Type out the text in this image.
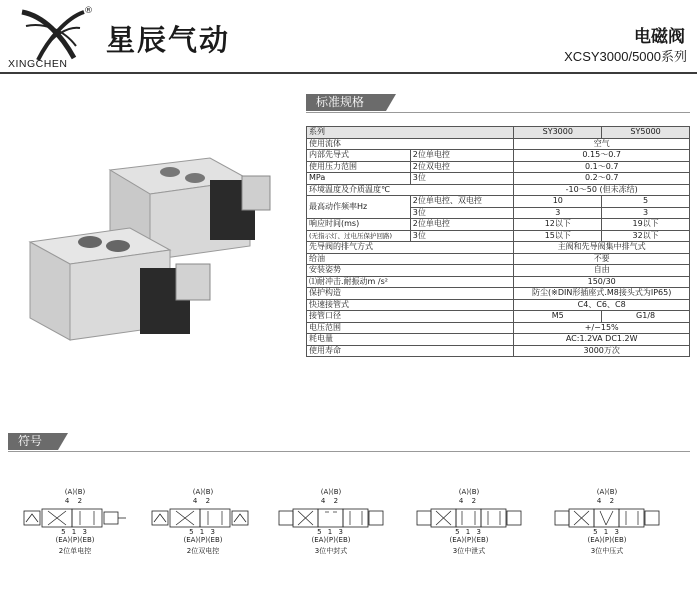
®
星辰气动
XINGCHEN
电磁阀
XCSY3000/5000系列
标准规格
系列		SY3000	SY5000
使用流体		空气	
内部先导式	2位单电控	0.15～0.7	
使用压力范围	2位双电控	0.1～0.7	
MPa	3位	0.2～0.7	
环境温度及介质温度℃		-10～50 (但未冻结)	
最高动作频率Hz	2位单电控、双电控	10	5
	3位	3	3
响应时间(ms)	2位单电控	12以下	19以下
(无指示灯、过电压保护回路)	3位	15以下	32以下
先导阀的排气方式		主阀和先导阀集中排气式	
给油		不要	
安装姿势		自由	
⑴耐冲击.耐振动m /s²		150/30	
保护构造		防尘(※DIN形插座式.M8接头式为IP65)	
快速接管式		C4、C6、C8	
接管口径		M5	G1/8
电压范围		+/−15%	
耗电量		AC:1.2VA DC1.2W	
使用寿命		3000万次	
符号
(A)(B)
4 2
5 1 3
(EA)(P)(EB)
2位单电控
(A)(B)
4 2
5 1 3
(EA)(P)(EB)
2位双电控
(A)(B)
4 2
5 1 3
(EA)(P)(EB)
3位中封式
(A)(B)
4 2
5 1 3
(EA)(P)(EB)
3位中泄式
(A)(B)
4 2
5 1 3
(EA)(P)(EB)
3位中压式
